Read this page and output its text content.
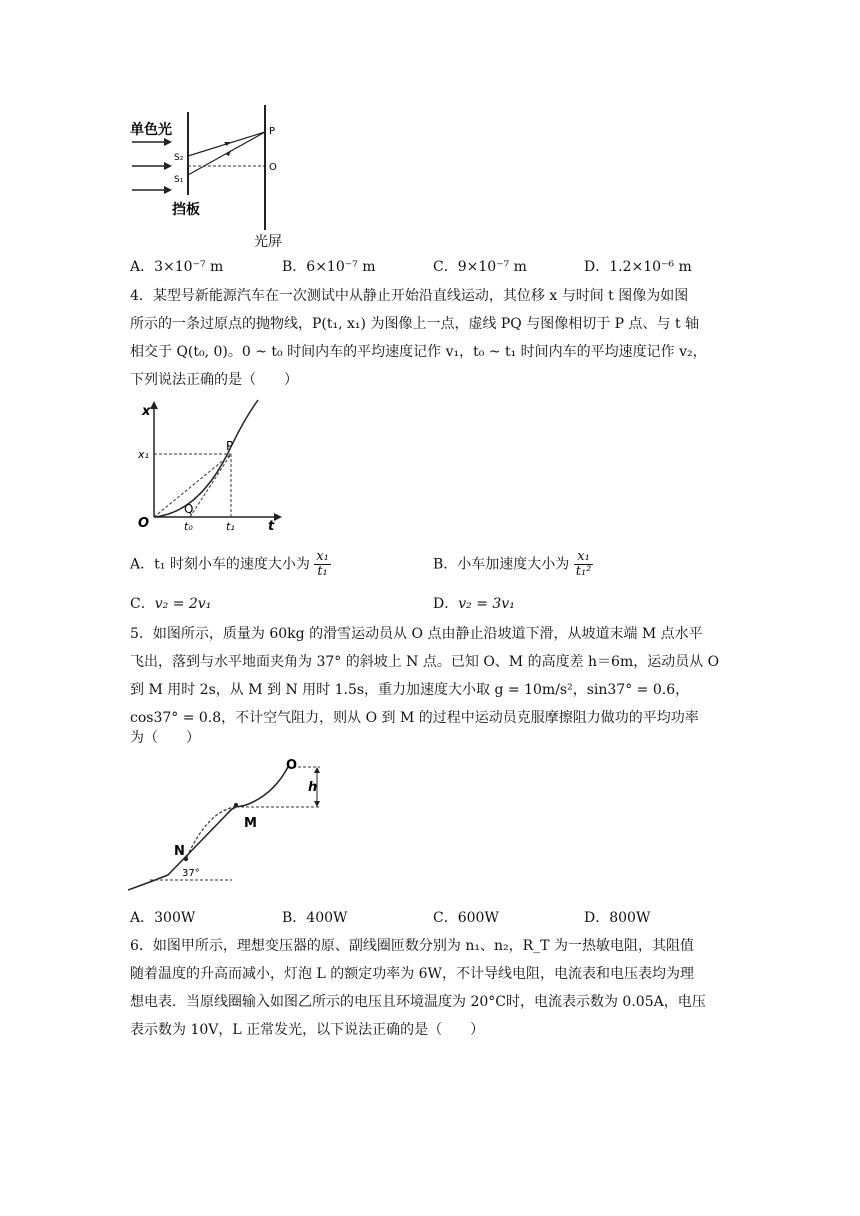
单色光
S₂
S₁
P
O
挡板
光屏
A．3×10⁻⁷ m	B．6×10⁻⁷ m	C．9×10⁻⁷ m	D．1.2×10⁻⁶ m
4．某型号新能源汽车在一次测试中从静止开始沿直线运动，其位移 x 与时间 t 图像为如图
所示的一条过原点的抛物线，P(t₁, x₁) 为图像上一点，虚线 PQ 与图像相切于 P 点、与 t 轴
相交于 Q(t₀, 0)。0 ~ t₀ 时间内车的平均速度记作 v₁，t₀ ~ t₁ 时间内车的平均速度记作 v₂，
下列说法正确的是（　　）
x
t
x₁
P
Q
O	t₀	t₁
A．t₁ 时刻小车的速度大小为 $\frac{\text{x₁}}{\text{t₁}}$	B．小车加速度大小为 $\frac{\text{x₁}}{\text{t₁²}}$
C．v₂ = 2v₁	D．v₂ = 3v₁
5．如图所示，质量为 60kg 的滑雪运动员从 O 点由静止沿坡道下滑，从坡道末端 M 点水平
飞出，落到与水平地面夹角为 37° 的斜坡上 N 点。已知 O、M 的高度差 h＝6m，运动员从 O
到 M 用时 2s，从 M 到 N 用时 1.5s，重力加速度大小取 g = 10m/s²，sin37° = 0.6，
cos37° = 0.8，不计空气阻力，则从 O 到 M 的过程中运动员克服摩擦阻力做功的平均功率
为（　　）
O
h
M
N
37°
A．300W	B．400W	C．600W	D．800W
6．如图甲所示，理想变压器的原、副线圈匝数分别为 n₁、n₂，R_T 为一热敏电阻，其阻值
随着温度的升高而减小，灯泡 L 的额定功率为 6W，不计导线电阻，电流表和电压表均为理
想电表．当原线圈输入如图乙所示的电压且环境温度为 20°C时，电流表示数为 0.05A，电压
表示数为 10V，L 正常发光，以下说法正确的是（　　）
